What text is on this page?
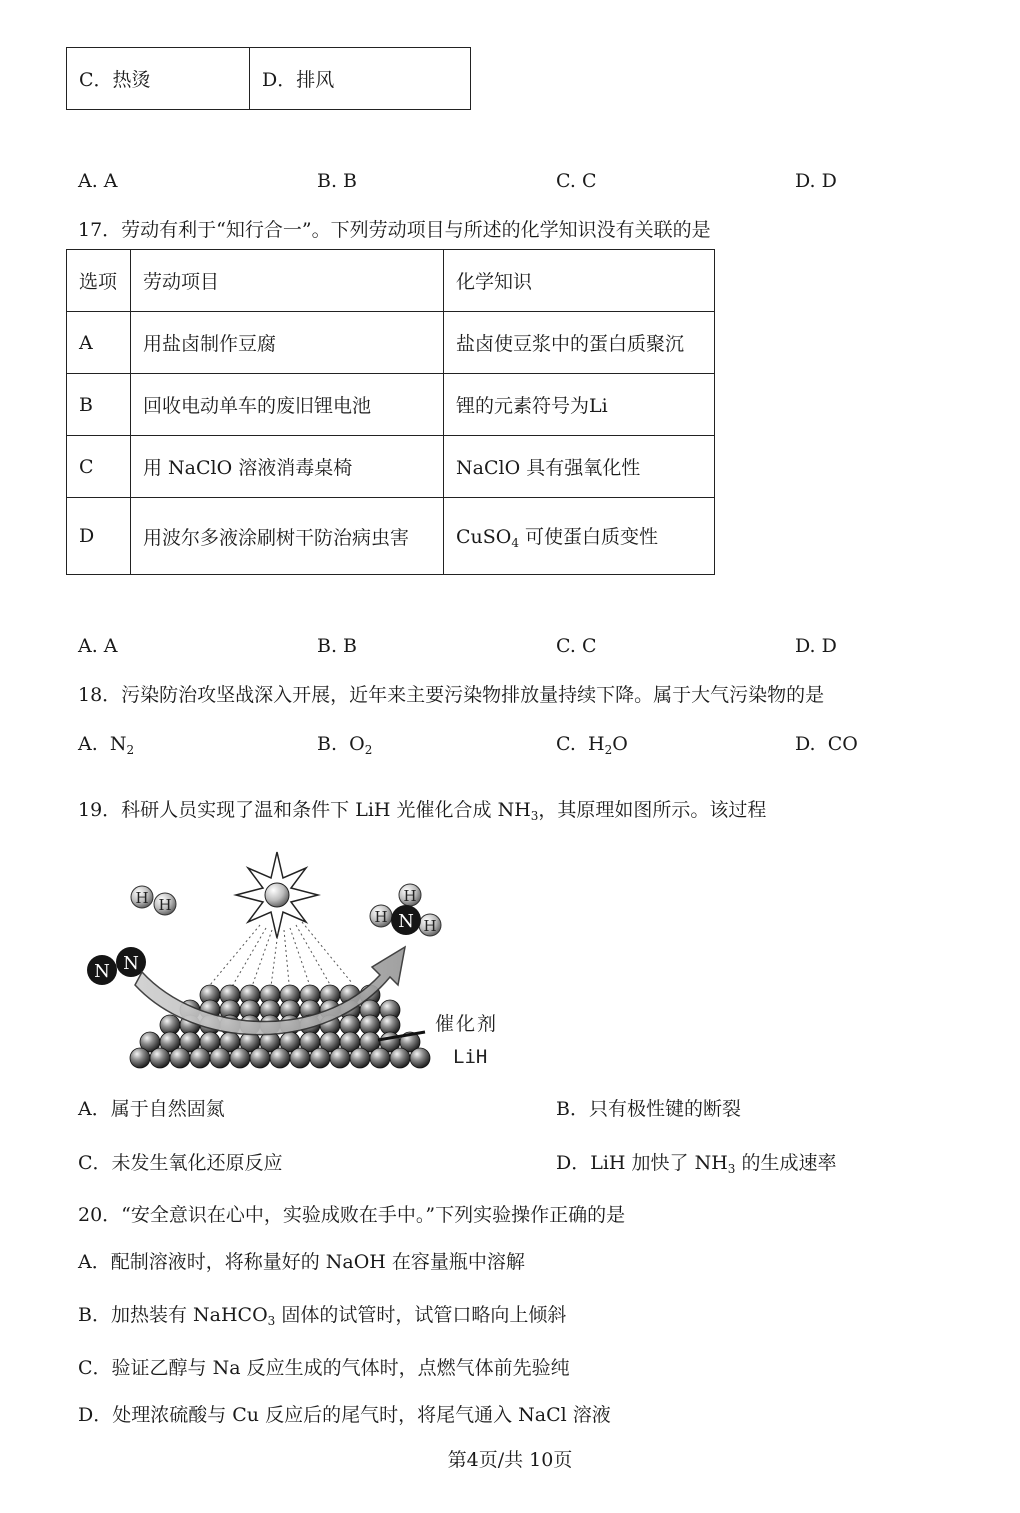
C．热烫	D．排风
A. A	B. B	C. C	D. D
17．劳动有利于“知行合一”。下列劳动项目与所述的化学知识没有关联的是
选项	劳动项目	化学知识
A	用盐卤制作豆腐	盐卤使豆浆中的蛋白质聚沉
B	回收电动单车的废旧锂电池	锂的元素符号为Li
C	用 NaClO 溶液消毒桌椅	NaClO 具有强氧化性
D	用波尔多液涂刷树干防治病虫害	CuSO$_4$ 可使蛋白质变性
A. A	B. B	C. C	D. D
18．污染防治攻坚战深入开展，近年来主要污染物排放量持续下降。属于大气污染物的是
A. $N_2$	B. $O_2$	C. $H_2O$	D. CO
19．科研人员实现了温和条件下 LiH 光催化合成 $NH_3$，其原理如图所示。该过程
H H
N N
H
H H
N
催化剂
LiH
A．属于自然固氮	B．只有极性键的断裂
C．未发生氧化还原反应	D．LiH 加快了 $NH_3$ 的生成速率
20．“安全意识在心中，实验成败在手中。”下列实验操作正确的是
A．配制溶液时，将称量好的 NaOH 在容量瓶中溶解
B．加热装有 NaHCO$_3$ 固体的试管时，试管口略向上倾斜
C．验证乙醇与 Na 反应生成的气体时，点燃气体前先验纯
D．处理浓硫酸与 Cu 反应后的尾气时，将尾气通入 NaCl 溶液
第4页/共 10页
